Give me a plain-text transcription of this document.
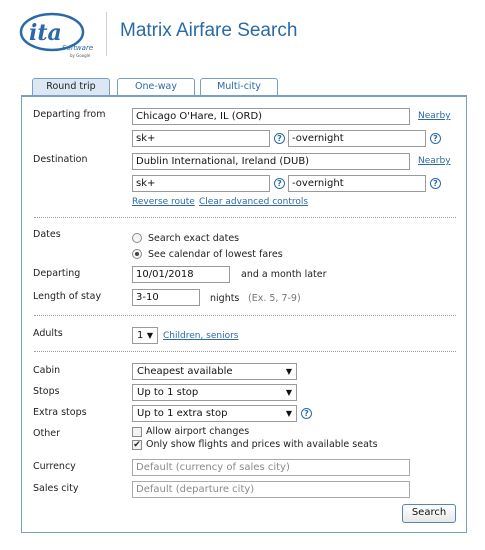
ita
Software
by Google
Matrix Airfare Search
Round trip	One-way	Multi-city
Departing from	Chicago O'Hare, IL (ORD)	Nearby
sk+	?	-overnight	?
Destination	Dublin International, Ireland (DUB)	Nearby
sk+	?	-overnight	?
Reverse route Clear advanced controls
Dates	Search exact dates
See calendar of lowest fares
Departing	10/01/2018	and a month later
Length of stay	3-10	nights (Ex. 5, 7-9)
Adults	1 ▼ Children, seniors
Cabin	Cheapest available	▼
Stops	Up to 1 stop	▼
Extra stops	Up to 1 extra stop	▼	?
Other	Allow airport changes
✔ Only show flights and prices with available seats
Currency	Default (currency of sales city)
Sales city	Default (departure city)
Search
